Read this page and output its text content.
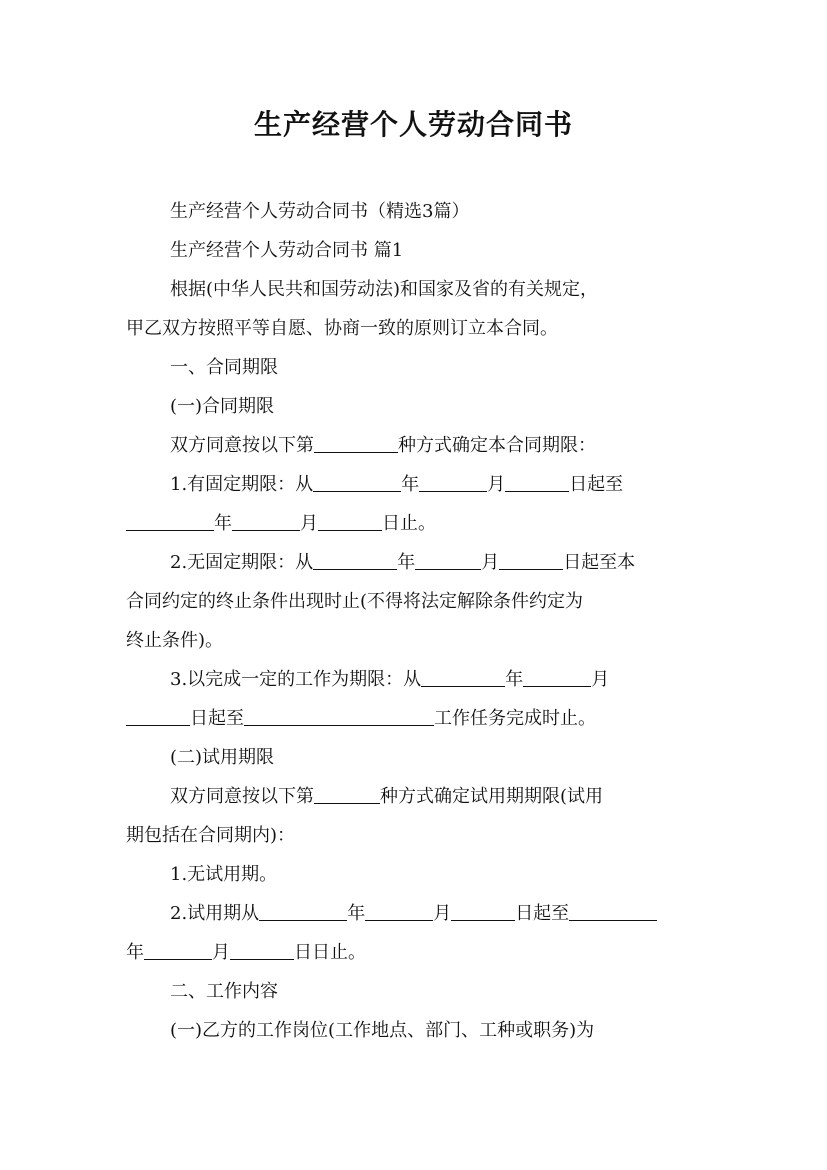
生产经营个人劳动合同书
生产经营个人劳动合同书（精选3篇）
生产经营个人劳动合同书 篇1
根据(中华人民共和国劳动法)和国家及省的有关规定，
甲乙双方按照平等自愿、协商一致的原则订立本合同。
一、合同期限
(一)合同期限
双方同意按以下第	种方式确定本合同期限：
1.有固定期限：从	年	月	日起至
年	月	日止。
2.无固定期限：从	年	月	日起至本
合同约定的终止条件出现时止(不得将法定解除条件约定为
终止条件)。
3.以完成一定的工作为期限：从	年	月
日起至	工作任务完成时止。
(二)试用期限
双方同意按以下第	种方式确定试用期期限(试用
期包括在合同期内)：
1.无试用期。
2.试用期从	年	月	日起至
年	月	日日止。
二、工作内容
(一)乙方的工作岗位(工作地点、部门、工种或职务)为
